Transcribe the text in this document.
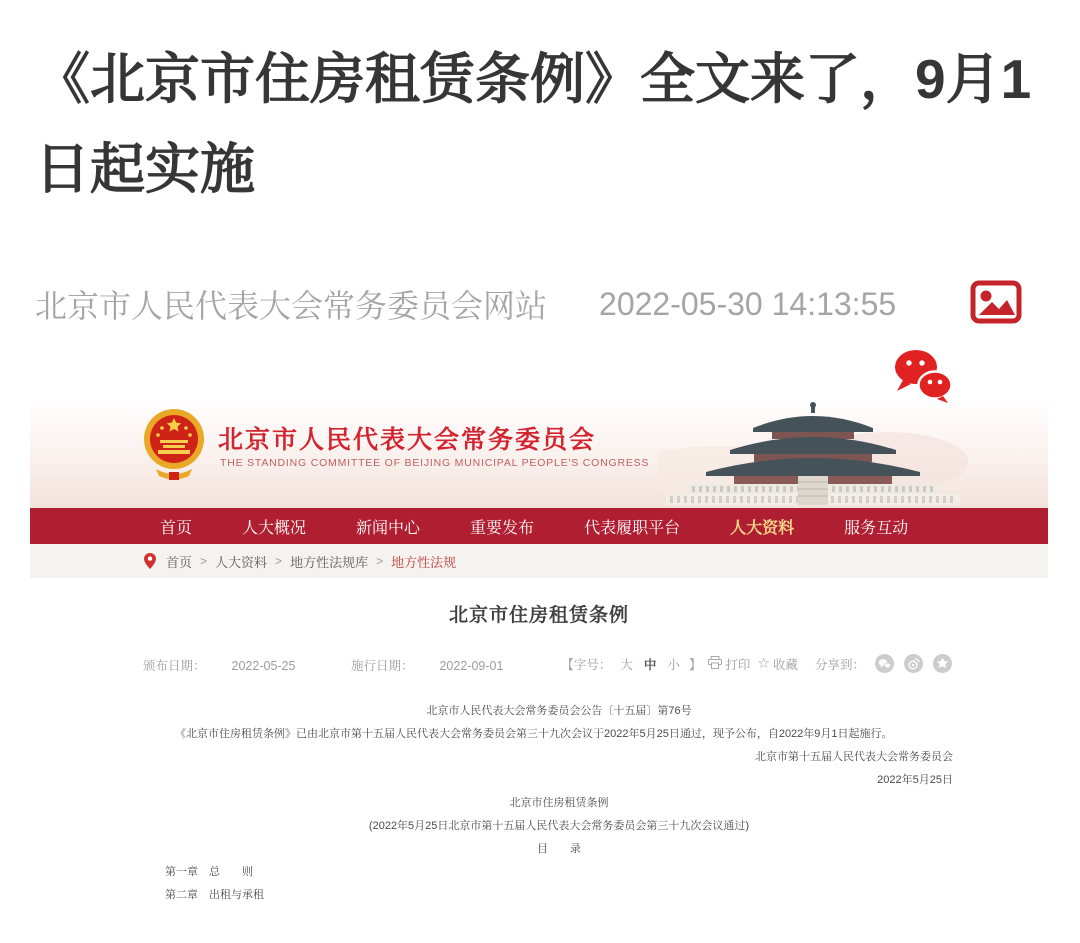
《北京市住房租赁条例》全文来了，9月1日起实施
北京市人民代表大会常务委员会网站 2022-05-30 14:13:55
北京市人民代表大会常务委员会
THE STANDING COMMITTEE OF BEIJING MUNICIPAL PEOPLE'S CONGRESS
首页	人大概况	新闻中心	重要发布	代表履职平台	人大资料	服务互动
首页 > 人大资料 > 地方性法规库 > 地方性法规
北京市住房租赁条例
颁布日期： 2022-05-25	施行日期： 2022-09-01	【字号： 大 中 小 】 打印 ☆ 收藏 分享到：

北京市人民代表大会常务委员会公告〔十五届〕第76号

《北京市住房租赁条例》已由北京市第十五届人民代表大会常务委员会第三十九次会议于2022年5月25日通过，现予公布，自2022年9月1日起施行。

北京市第十五届人民代表大会常务委员会

2022年5月25日

北京市住房租赁条例

(2022年5月25日北京市第十五届人民代表大会常务委员会第三十九次会议通过)

目　　录

第一章　总　　则

第二章　出租与承租
